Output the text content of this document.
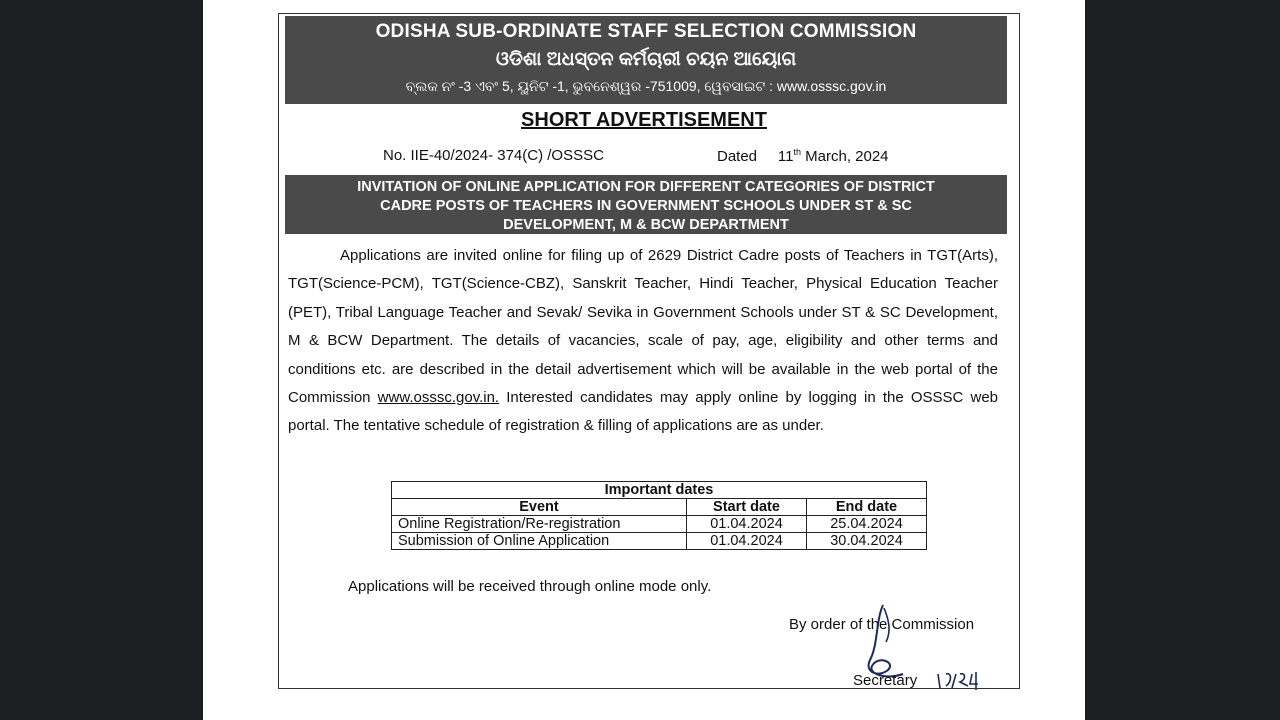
ODISHA SUB-ORDINATE STAFF SELECTION COMMISSION
ଓଡିଶା ଅଧସ୍ତନ କର୍ମଚାରୀ ଚୟନ ଆୟୋଗ
ବ୍ଲକ ନଂ -3 ଏବଂ 5, ୟୁନିଟ -1, ଭୁବନେଶ୍ୱର -751009, ୱେବସାଇଟ : www.osssc.gov.in
SHORT ADVERTISEMENT
No. IIE-40/2024- 374(C) /OSSSC	Dated 11th March, 2024
INVITATION OF ONLINE APPLICATION FOR DIFFERENT CATEGORIES OF DISTRICT
CADRE POSTS OF TEACHERS IN GOVERNMENT SCHOOLS UNDER ST & SC
DEVELOPMENT, M & BCW DEPARTMENT
Applications are invited online for filing up of 2629 District Cadre posts of Teachers in TGT(Arts), TGT(Science-PCM), TGT(Science-CBZ), Sanskrit Teacher, Hindi Teacher, Physical Education Teacher (PET), Tribal Language Teacher and Sevak/ Sevika in Government Schools under ST & SC Development, M & BCW Department. The details of vacancies, scale of pay, age, eligibility and other terms and conditions etc. are described in the detail advertisement which will be available in the web portal of the Commission www.osssc.gov.in. Interested candidates may apply online by logging in the OSSSC web portal. The tentative schedule of registration & filling of applications are as under.
Important dates		
Event	Start date	End date
Online Registration/Re-registration	01.04.2024	25.04.2024
Submission of Online Application	01.04.2024	30.04.2024
Applications will be received through online mode only.
By order of the Commission
Secretary
